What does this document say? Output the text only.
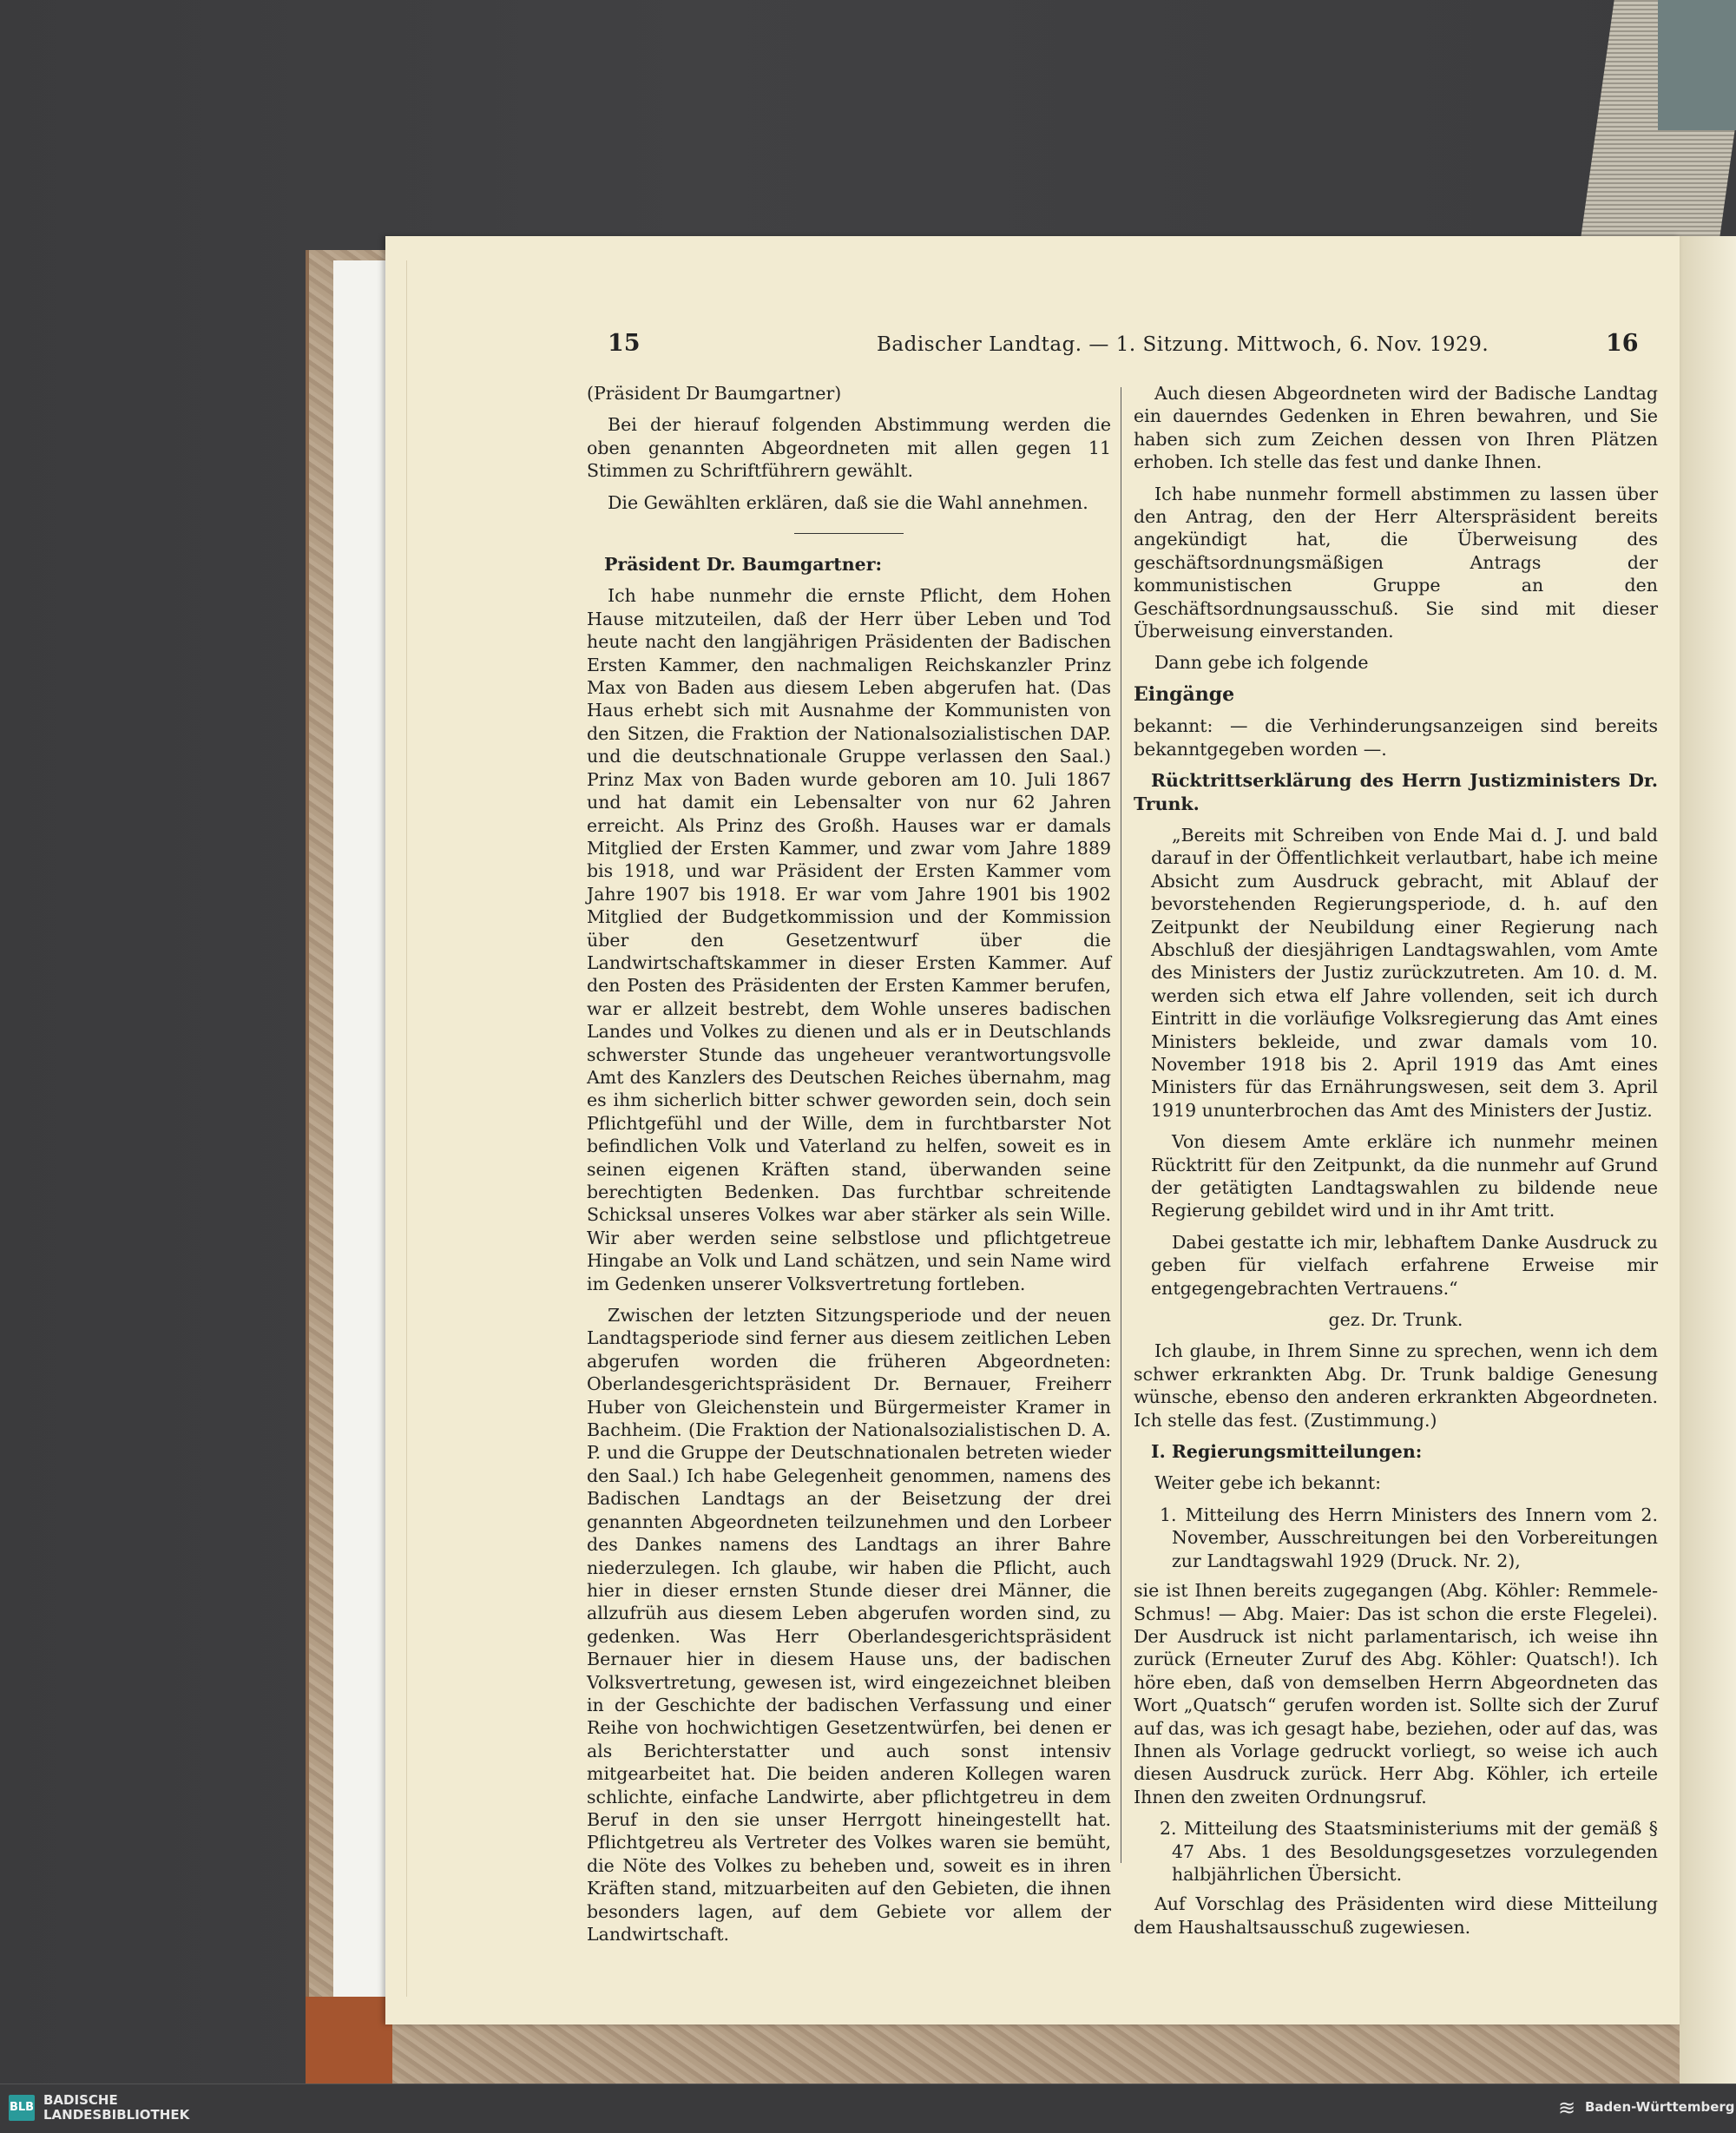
15	Badischer Landtag. — 1. Sitzung. Mittwoch, 6. Nov. 1929.	16

(Präsident Dr Baumgartner)

Bei der hierauf folgenden Abstimmung werden die oben genannten Abgeordneten mit allen gegen 11 Stimmen zu Schriftführern gewählt.

Die Gewählten erklären, daß sie die Wahl annehmen.

Präsident Dr. Baumgartner:

Ich habe nunmehr die ernste Pflicht, dem Hohen Hause mitzuteilen, daß der Herr über Leben und Tod heute nacht den langjährigen Präsidenten der Badischen Ersten Kammer, den nachmaligen Reichskanzler Prinz Max von Baden aus diesem Leben abgerufen hat. (Das Haus erhebt sich mit Ausnahme der Kommunisten von den Sitzen, die Fraktion der Nationalsozialistischen DAP. und die deutschnationale Gruppe verlassen den Saal.) Prinz Max von Baden wurde geboren am 10. Juli 1867 und hat damit ein Lebensalter von nur 62 Jahren erreicht. Als Prinz des Großh. Hauses war er damals Mitglied der Ersten Kammer, und zwar vom Jahre 1889 bis 1918, und war Präsident der Ersten Kammer vom Jahre 1907 bis 1918. Er war vom Jahre 1901 bis 1902 Mitglied der Budgetkommission und der Kommission über den Gesetzentwurf über die Landwirtschaftskammer in dieser Ersten Kammer. Auf den Posten des Präsidenten der Ersten Kammer berufen, war er allzeit bestrebt, dem Wohle unseres badischen Landes und Volkes zu dienen und als er in Deutschlands schwerster Stunde das ungeheuer verantwortungsvolle Amt des Kanzlers des Deutschen Reiches übernahm, mag es ihm sicherlich bitter schwer geworden sein, doch sein Pflichtgefühl und der Wille, dem in furchtbarster Not befindlichen Volk und Vaterland zu helfen, soweit es in seinen eigenen Kräften stand, überwanden seine berechtigten Bedenken. Das furchtbar schreitende Schicksal unseres Volkes war aber stärker als sein Wille. Wir aber werden seine selbstlose und pflichtgetreue Hingabe an Volk und Land schätzen, und sein Name wird im Gedenken unserer Volksvertretung fortleben.

Zwischen der letzten Sitzungsperiode und der neuen Landtagsperiode sind ferner aus diesem zeitlichen Leben abgerufen worden die früheren Abgeordneten: Oberlandesgerichtspräsident Dr. Bernauer, Freiherr Huber von Gleichenstein und Bürgermeister Kramer in Bachheim. (Die Fraktion der Nationalsozialistischen D. A. P. und die Gruppe der Deutschnationalen betreten wieder den Saal.) Ich habe Gelegenheit genommen, namens des Badischen Landtags an der Beisetzung der drei genannten Abgeordneten teilzunehmen und den Lorbeer des Dankes namens des Landtags an ihrer Bahre niederzulegen. Ich glaube, wir haben die Pflicht, auch hier in dieser ernsten Stunde dieser drei Männer, die allzufrüh aus diesem Leben abgerufen worden sind, zu gedenken. Was Herr Oberlandesgerichtspräsident Bernauer hier in diesem Hause uns, der badischen Volksvertretung, gewesen ist, wird eingezeichnet bleiben in der Geschichte der badischen Verfassung und einer Reihe von hochwichtigen Gesetzentwürfen, bei denen er als Berichterstatter und auch sonst intensiv mitgearbeitet hat. Die beiden anderen Kollegen waren schlichte, einfache Landwirte, aber pflichtgetreu in dem Beruf in den sie unser Herrgott hineingestellt hat. Pflichtgetreu als Vertreter des Volkes waren sie bemüht, die Nöte des Volkes zu beheben und, soweit es in ihren Kräften stand, mitzuarbeiten auf den Gebieten, die ihnen besonders lagen, auf dem Gebiete vor allem der Landwirtschaft.

Auch diesen Abgeordneten wird der Badische Landtag ein dauerndes Gedenken in Ehren bewahren, und Sie haben sich zum Zeichen dessen von Ihren Plätzen erhoben. Ich stelle das fest und danke Ihnen.

Ich habe nunmehr formell abstimmen zu lassen über den Antrag, den der Herr Alterspräsident bereits angekündigt hat, die Überweisung des geschäftsordnungsmäßigen Antrags der kommunistischen Gruppe an den Geschäftsordnungsausschuß. Sie sind mit dieser Überweisung einverstanden.

Dann gebe ich folgende

Eingänge

bekannt: — die Verhinderungsanzeigen sind bereits bekanntgegeben worden —.

Rücktrittserklärung des Herrn Justizministers Dr. Trunk.

„Bereits mit Schreiben von Ende Mai d. J. und bald darauf in der Öffentlichkeit verlautbart, habe ich meine Absicht zum Ausdruck gebracht, mit Ablauf der bevorstehenden Regierungsperiode, d. h. auf den Zeitpunkt der Neubildung einer Regierung nach Abschluß der diesjährigen Landtagswahlen, vom Amte des Ministers der Justiz zurückzutreten. Am 10. d. M. werden sich etwa elf Jahre vollenden, seit ich durch Eintritt in die vorläufige Volksregierung das Amt eines Ministers bekleide, und zwar damals vom 10. November 1918 bis 2. April 1919 das Amt eines Ministers für das Ernährungswesen, seit dem 3. April 1919 ununterbrochen das Amt des Ministers der Justiz.

Von diesem Amte erkläre ich nunmehr meinen Rücktritt für den Zeitpunkt, da die nunmehr auf Grund der getätigten Landtagswahlen zu bildende neue Regierung gebildet wird und in ihr Amt tritt.

Dabei gestatte ich mir, lebhaftem Danke Ausdruck zu geben für vielfach erfahrene Erweise mir entgegengebrachten Vertrauens.“

gez. Dr. Trunk.

Ich glaube, in Ihrem Sinne zu sprechen, wenn ich dem schwer erkrankten Abg. Dr. Trunk baldige Genesung wünsche, ebenso den anderen erkrankten Abgeordneten. Ich stelle das fest. (Zustimmung.)

I. Regierungsmitteilungen:

Weiter gebe ich bekannt:

1. Mitteilung des Herrn Ministers des Innern vom 2. November, Ausschreitungen bei den Vorbereitungen zur Landtagswahl 1929 (Druck. Nr. 2),

sie ist Ihnen bereits zugegangen (Abg. Köhler: Remmele-Schmus! — Abg. Maier: Das ist schon die erste Flegelei). Der Ausdruck ist nicht parlamentarisch, ich weise ihn zurück (Erneuter Zuruf des Abg. Köhler: Quatsch!). Ich höre eben, daß von demselben Herrn Abgeordneten das Wort „Quatsch“ gerufen worden ist. Sollte sich der Zuruf auf das, was ich gesagt habe, beziehen, oder auf das, was Ihnen als Vorlage gedruckt vorliegt, so weise ich auch diesen Ausdruck zurück. Herr Abg. Köhler, ich erteile Ihnen den zweiten Ordnungsruf.

2. Mitteilung des Staatsministeriums mit der gemäß § 47 Abs. 1 des Besoldungsgesetzes vorzulegenden halbjährlichen Übersicht.

Auf Vorschlag des Präsidenten wird diese Mitteilung dem Haushaltsausschuß zugewiesen.

BLB BADISCHE
LANDESBIBLIOTHEK	≋ Baden-Württemberg
